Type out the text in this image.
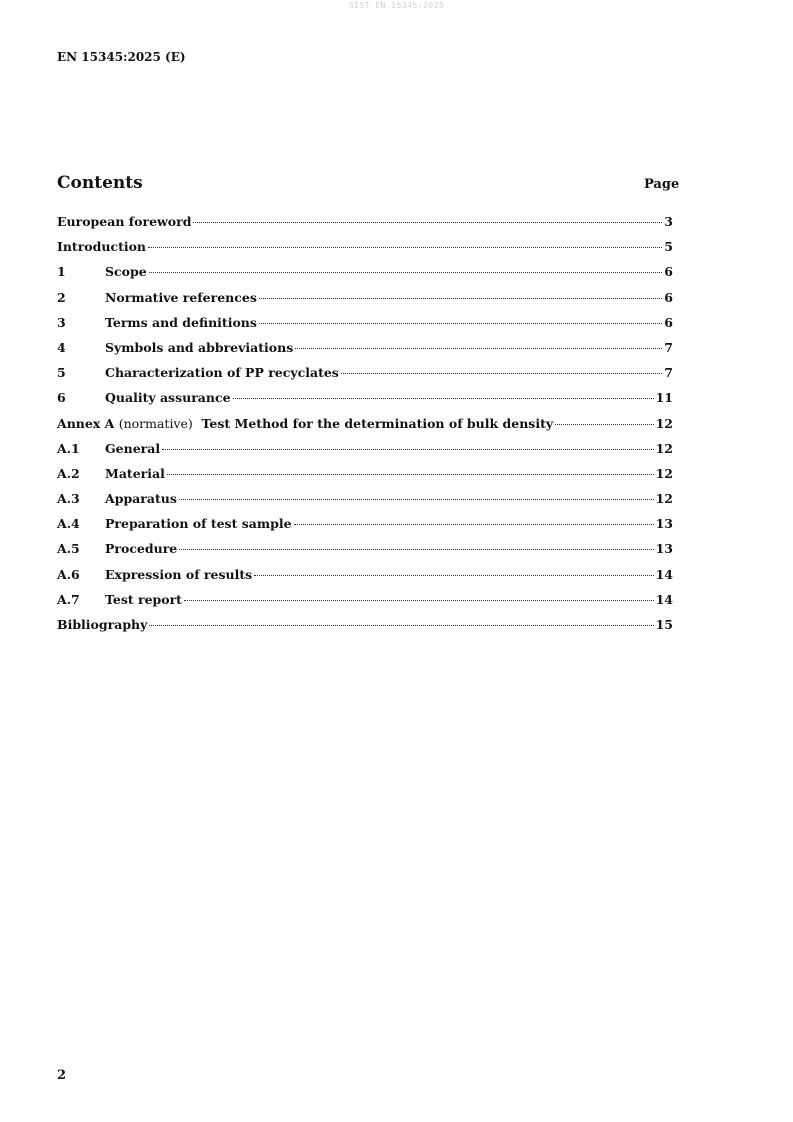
SIST EN 15345:2025
EN 15345:2025 (E)
Contents	Page
European foreword	3
Introduction	5
1	Scope	6
2	Normative references	6
3	Terms and definitions	6
4	Symbols and abbreviations	7
5	Characterization of PP recyclates	7
6	Quality assurance	11
Annex A (normative) Test Method for the determination of bulk density	12
A.1	General	12
A.2	Material	12
A.3	Apparatus	12
A.4	Preparation of test sample	13
A.5	Procedure	13
A.6	Expression of results	14
A.7	Test report	14
Bibliography	15
2
